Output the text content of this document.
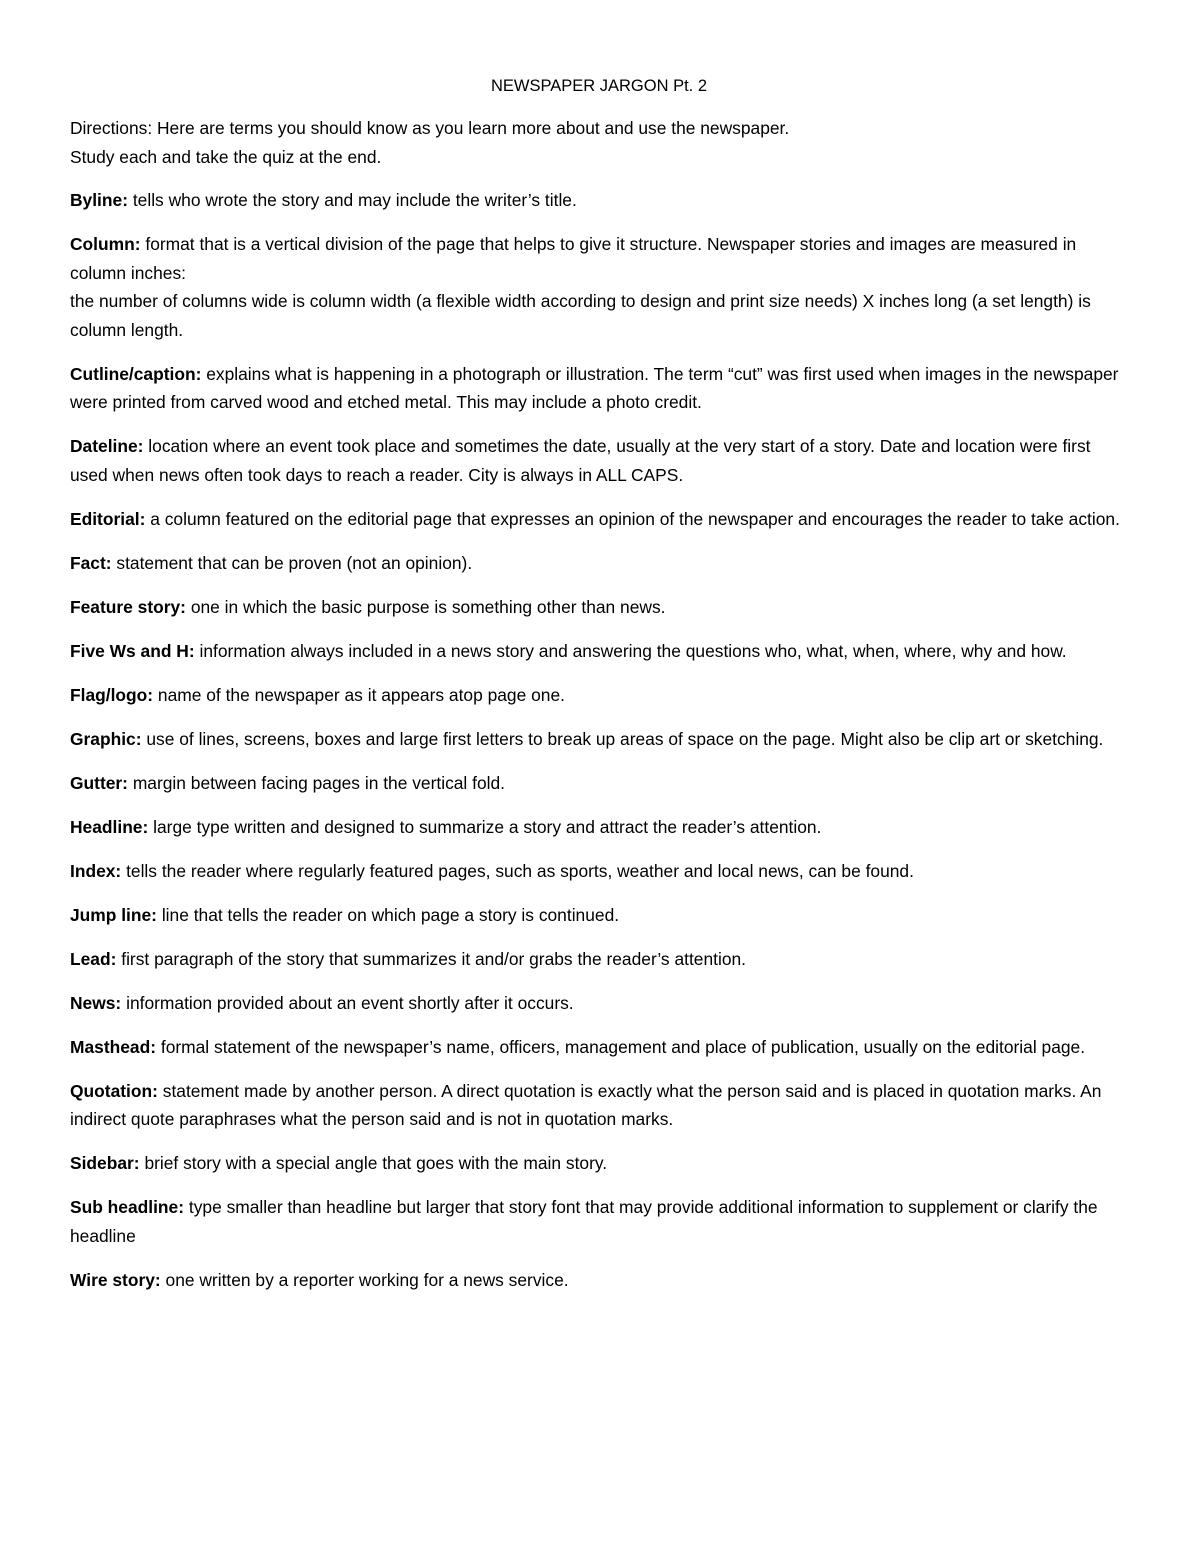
NEWSPAPER JARGON Pt. 2
Directions: Here are terms you should know as you learn more about and use the newspaper.
Study each and take the quiz at the end.
Byline: tells who wrote the story and may include the writer’s title.
Column: format that is a vertical division of the page that helps to give it structure. Newspaper stories and images are measured in column inches:
the number of columns wide is column width (a flexible width according to design and print size needs) X inches long (a set length) is column length.
Cutline/caption: explains what is happening in a photograph or illustration. The term “cut” was first used when images in the newspaper were printed from carved wood and etched metal. This may include a photo credit.
Dateline: location where an event took place and sometimes the date, usually at the very start of a story. Date and location were first used when news often took days to reach a reader. City is always in ALL CAPS.
Editorial: a column featured on the editorial page that expresses an opinion of the newspaper and encourages the reader to take action.
Fact: statement that can be proven (not an opinion).
Feature story: one in which the basic purpose is something other than news.
Five Ws and H: information always included in a news story and answering the questions who, what, when, where, why and how.
Flag/logo: name of the newspaper as it appears atop page one.
Graphic: use of lines, screens, boxes and large first letters to break up areas of space on the page. Might also be clip art or sketching.
Gutter: margin between facing pages in the vertical fold.
Headline: large type written and designed to summarize a story and attract the reader’s attention.
Index: tells the reader where regularly featured pages, such as sports, weather and local news, can be found.
Jump line: line that tells the reader on which page a story is continued.
Lead: first paragraph of the story that summarizes it and/or grabs the reader’s attention.
News: information provided about an event shortly after it occurs.
Masthead: formal statement of the newspaper’s name, officers, management and place of publication, usually on the editorial page.
Quotation: statement made by another person. A direct quotation is exactly what the person said and is placed in quotation marks. An indirect quote paraphrases what the person said and is not in quotation marks.
Sidebar: brief story with a special angle that goes with the main story.
Sub headline: type smaller than headline but larger that story font that may provide additional information to supplement or clarify the headline
Wire story: one written by a reporter working for a news service.
